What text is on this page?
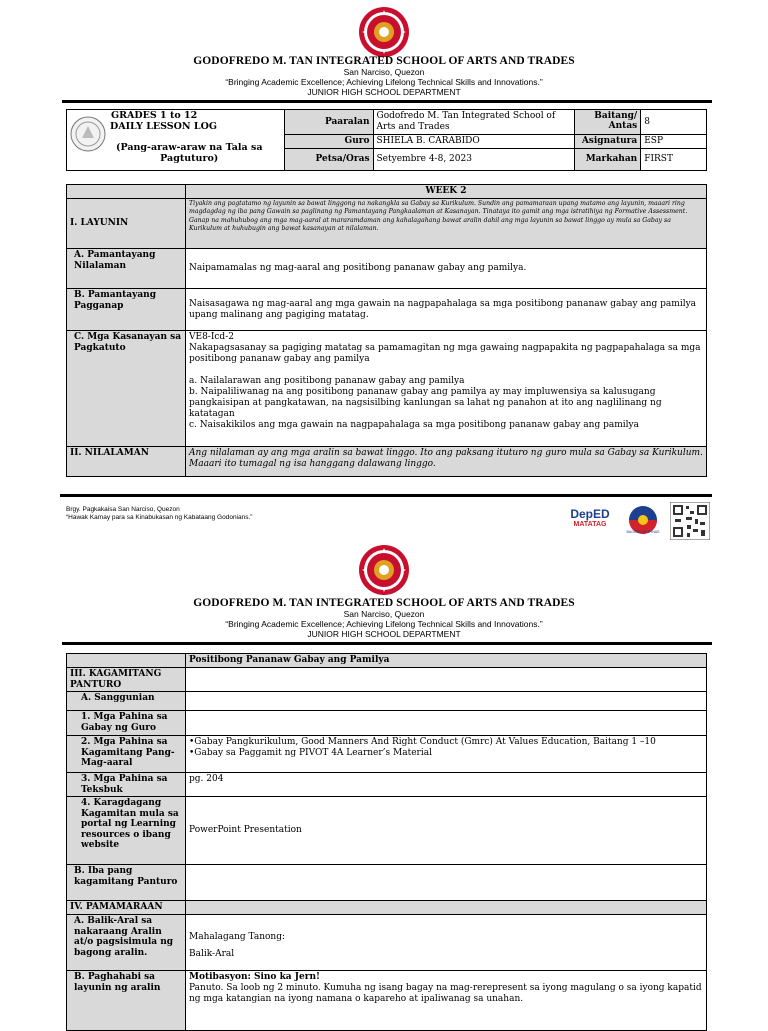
GODOFREDO M. TAN INTEGRATED SCHOOL OF ARTS AND TRADES
San Narciso, Quezon
“Bringing Academic Excellence; Achieving Lifelong Technical Skills and Innovations.”
JUNIOR HIGH SCHOOL DEPARTMENT
GRADES 1 to 12
DAILY LESSON LOG
(Pang-araw-araw na Tala sa Pagtuturo)	Paaralan	Godofredo M. Tan Integrated School of Arts and Trades	Baitang/ Antas	8
	Guro	SHIELA B. CARABIDO	Asignatura	ESP
	Petsa/Oras	Setyembre 4-8, 2023	Markahan	FIRST
	WEEK 2
I. LAYUNIN	Tiyakin ang pagtatamo ng layunin sa bawat linggong na nakangkla sa Gabay sa Kurikulum. Sundin ang pamamaraan upang matamo ang layunin, maaari ring magdagdag ng iba pang Gawain sa paglinang ng Pamantayang Pangkaalaman at Kasanayan. Tinataya ito gamit ang mga istratihiya ng Formative Assessment. Ganap na mahuhubog ang mga mag-aaral at mararamdaman ang kahalagahang bawat aralin dahil ang mga layunin sa bawat linggo ay mula sa Gabay sa Kurikulum at huhubugin ang bawat kasanayan at nilalaman.
A. Pamantayang Nilalaman	Naipamamalas ng mag-aaral ang positibong pananaw gabay ang pamilya.
B. Pamantayang Pagganap	Naisasagawa ng mag-aaral ang mga gawain na nagpapahalaga sa mga positibong pananaw gabay ang pamilya upang malinang ang pagiging matatag.
C. Mga Kasanayan sa Pagkatuto	VE8-Icd-2
Nakapagsasanay sa pagiging matatag sa pamamagitan ng mga gawaing nagpapakita ng pagpapahalaga sa mga positibong pananaw gabay ang pamilya
a. Nailalarawan ang positibong pananaw gabay ang pamilya
b. Naipaliliwanag na ang positibong pananaw gabay ang pamilya ay may impluwensiya sa kalusugang pangkaisipan at pangkatawan, na nagsisilbing kanlungan sa lahat ng panahon at ito ang naglilinang ng katatagan
c. Naisakikilos ang mga gawain na nagpapahalaga sa mga positibong pananaw gabay ang pamilya

II. NILALAMAN	Ang nilalaman ay ang mga aralin sa bawat linggo. Ito ang paksang ituturo ng guro mula sa Gabay sa Kurikulum. Maaari ito tumagal ng isa hanggang dalawang linggo.
Brgy. Pagkakaisa San Narciso, Quezon
“Hawak Kamay para sa Kinabukasan ng Kabataang Godonians.”	DepED
MATATAG
BAGONG PILIPINAS
GODOFREDO M. TAN INTEGRATED SCHOOL OF ARTS AND TRADES
San Narciso, Quezon
“Bringing Academic Excellence; Achieving Lifelong Technical Skills and Innovations.”
JUNIOR HIGH SCHOOL DEPARTMENT
	Positibong Pananaw Gabay ang Pamilya
III. KAGAMITANG PANTURO	
A. Sanggunian	
1. Mga Pahina sa Gabay ng Guro	
2. Mga Pahina sa Kagamitang Pang-Mag-aaral	•Gabay Pangkurikulum, Good Manners And Right Conduct (Gmrc) At Values Education, Baitang 1 –10
•Gabay sa Paggamit ng PIVOT 4A Learner’s Material

3. Mga Pahina sa Teksbuk	pg. 204
4. Karagdagang Kagamitan mula sa portal ng Learning resources o ibang website	PowerPoint Presentation
B. Iba pang kagamitang Panturo	
IV. PAMAMARAAN	
A. Balik-Aral sa nakaraang Aralin at/o pagsisimula ng bagong aralin.	Mahalagang Tanong:
Balik-Aral

B. Paghahabi sa layunin ng aralin	Motibasyon: Sino ka Jern!
Panuto. Sa loob ng 2 minuto. Kumuha ng isang bagay na mag-rerepresent sa iyong magulang o sa iyong kapatid ng mga katangian na iyong namana o kapareho at ipaliwanag sa unahan.
